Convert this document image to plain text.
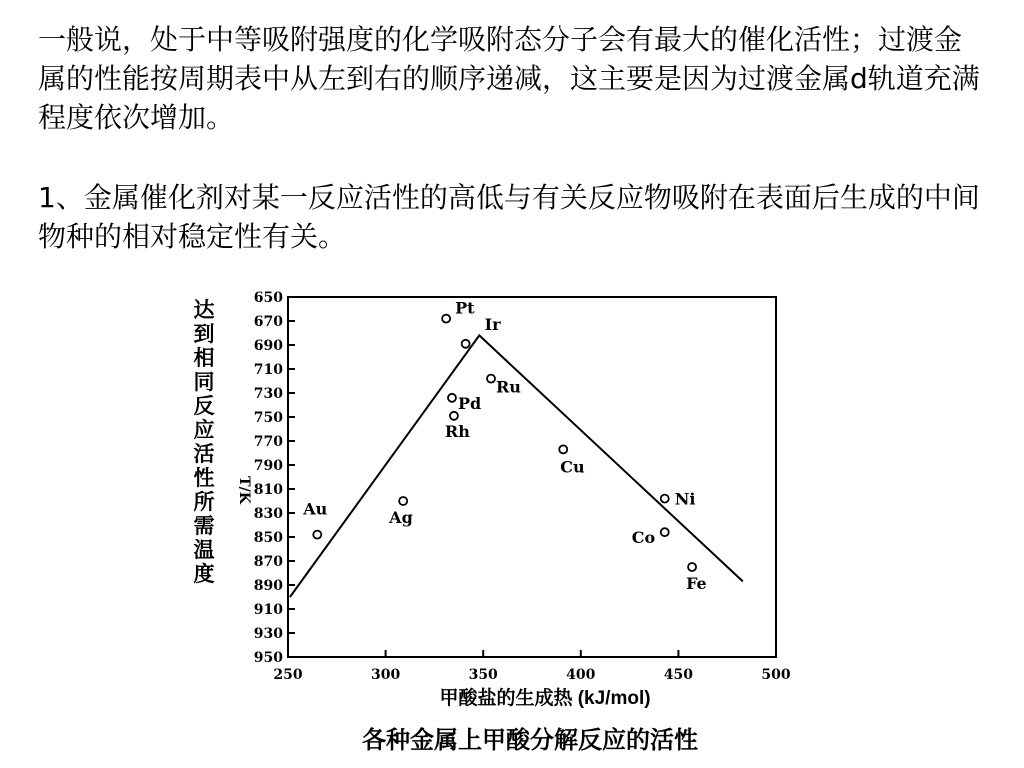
一般说，处于中等吸附强度的化学吸附态分子会有最大的催化活性；过渡金属的性能按周期表中从左到右的顺序递减，这主要是因为过渡金属d轨道充满程度依次增加。

1、金属催化剂对某一反应活性的高低与有关反应物吸附在表面后生成的中间物种的相对稳定性有关。

达到相同反应活性所需温度
650
670
690
710
730
750
770
790
810
830
850
870
890
910
930
950
250	300	350	400	450	500
T/K
Au	Ag
Pt
Ir
Pd
Rh
Ru
Cu
Ni
Co
Fe
甲酸盐的生成热 (kJ/mol)
各种金属上甲酸分解反应的活性
